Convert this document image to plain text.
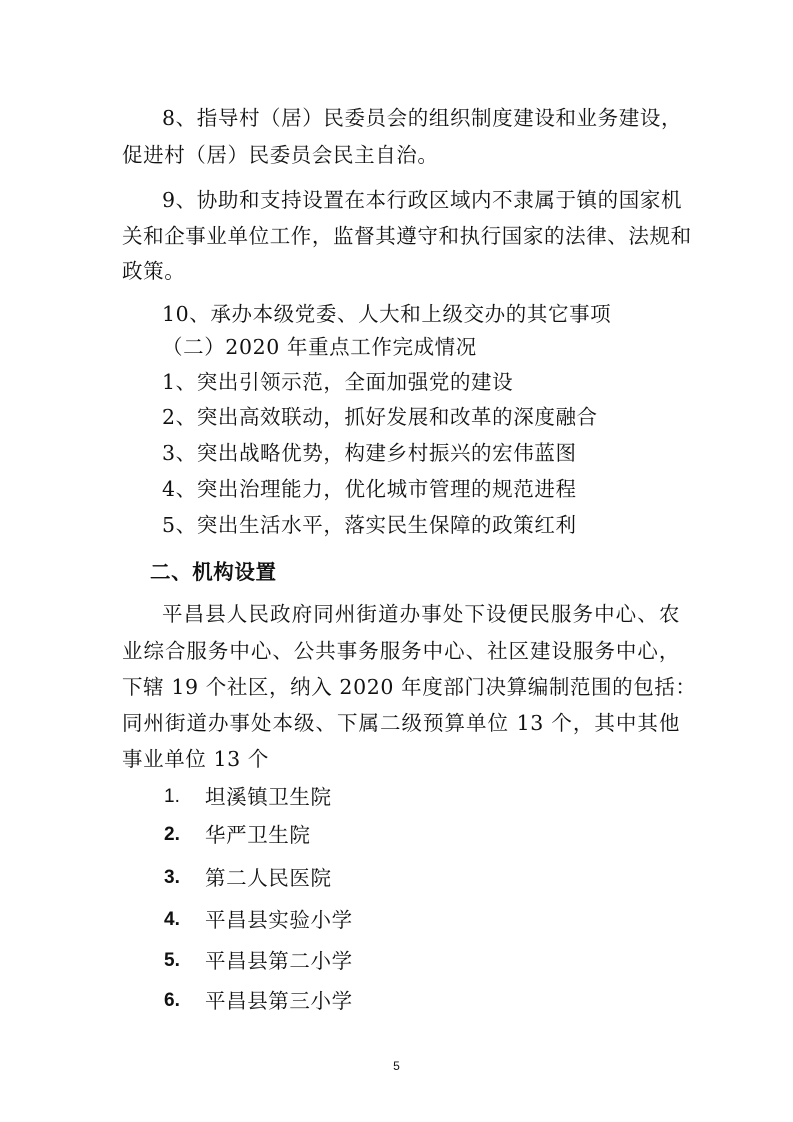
8、指导村（居）民委员会的组织制度建设和业务建设，
促进村（居）民委员会民主自治。
9、协助和支持设置在本行政区域内不隶属于镇的国家机
关和企事业单位工作，监督其遵守和执行国家的法律、法规和
政策。
10、承办本级党委、人大和上级交办的其它事项
（二）2020 年重点工作完成情况
1、突出引领示范，全面加强党的建设
2、突出高效联动，抓好发展和改革的深度融合
3、突出战略优势，构建乡村振兴的宏伟蓝图
4、突出治理能力，优化城市管理的规范进程
5、突出生活水平，落实民生保障的政策红利
二、机构设置
平昌县人民政府同州街道办事处下设便民服务中心、农
业综合服务中心、公共事务服务中心、社区建设服务中心，
下辖 19 个社区，纳入 2020 年度部门决算编制范围的包括：
同州街道办事处本级、下属二级预算单位 13 个，其中其他
事业单位 13 个
1. 坦溪镇卫生院
2. 华严卫生院
3. 第二人民医院
4. 平昌县实验小学
5. 平昌县第二小学
6. 平昌县第三小学
5
